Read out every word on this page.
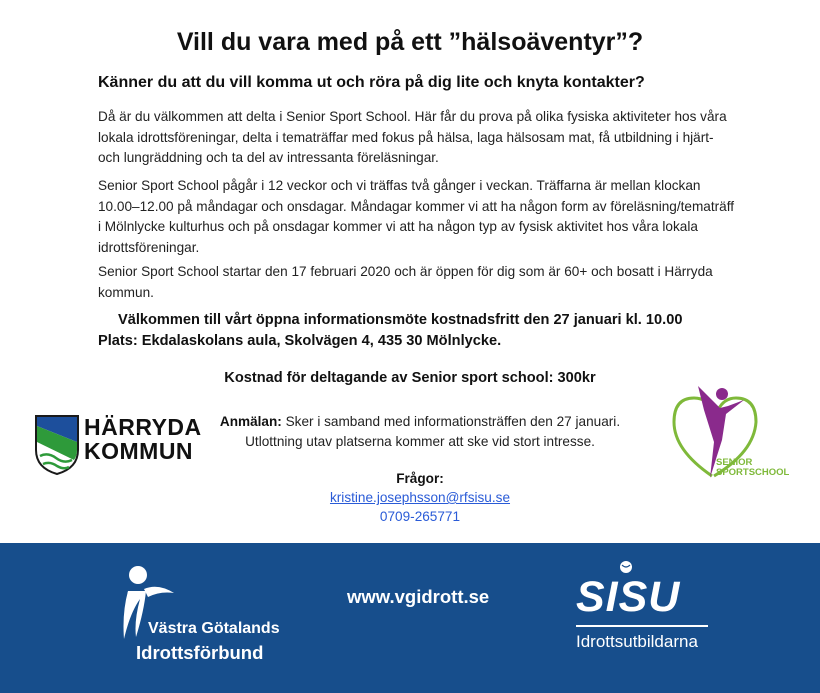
Vill du vara med på ett ”hälsoäventyr”?
Känner du att du vill komma ut och röra på dig lite och knyta kontakter?
Då är du välkommen att delta i Senior Sport School. Här får du prova på olika fysiska aktiviteter hos våra lokala idrottsföreningar, delta i tematräffar med fokus på hälsa, laga hälsosam mat, få utbildning i hjärt- och lungräddning och ta del av intressanta föreläsningar.
Senior Sport School pågår i 12 veckor och vi träffas två gånger i veckan. Träffarna är mellan klockan 10.00–12.00 på måndagar och onsdagar. Måndagar kommer vi att ha någon form av föreläsning/tematräff i Mölnlycke kulturhus och på onsdagar kommer vi att ha någon typ av fysisk aktivitet hos våra lokala idrottsföreningar.
Senior Sport School startar den 17 februari 2020 och är öppen för dig som är 60+ och bosatt i Härryda kommun.
Välkommen till vårt öppna informationsmöte kostnadsfritt den 27 januari kl. 10.00
Plats: Ekdalaskolans aula, Skolvägen 4, 435 30 Mölnlycke.
Kostnad för deltagande av Senior sport school: 300kr
Anmälan: Sker i samband med informationsträffen den 27 januari.
Utlottning utav platserna kommer att ske vid stort intresse.
Frågor:
kristine.josephsson@rfsisu.se
0709-265771
HÄRRYDA
KOMMUN	SENIOR
SPORTSCHOOL
Västra Götalands
Idrottsförbund
www.vgidrott.se SISU
Idrottsutbildarna
